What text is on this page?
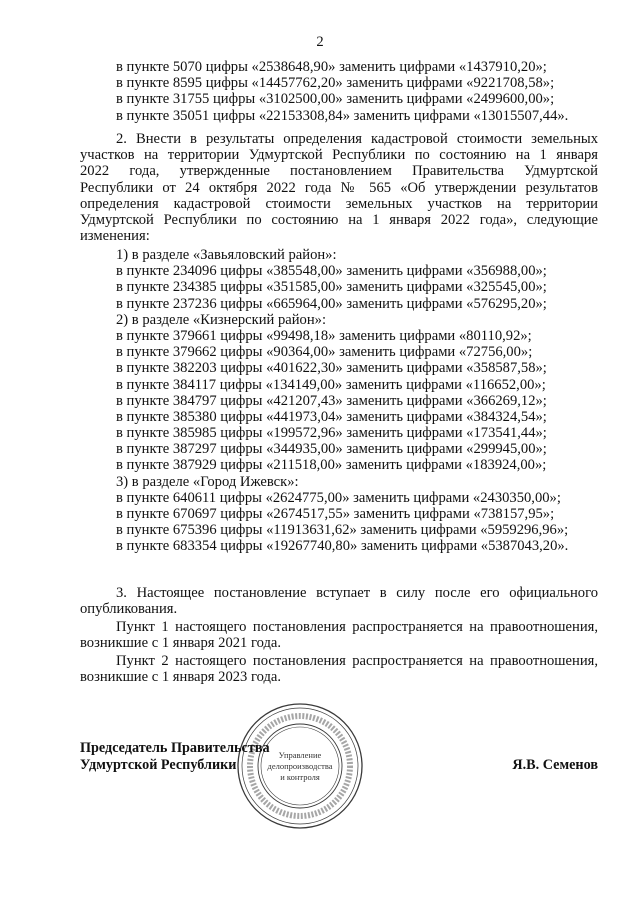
2
в пункте 5070 цифры «2538648,90» заменить цифрами «1437910,20»;
в пункте 8595 цифры «14457762,20» заменить цифрами «9221708,58»;
в пункте 31755 цифры «3102500,00» заменить цифрами «2499600,00»;
в пункте 35051 цифры «22153308,84» заменить цифрами «13015507,44».
2. Внести в результаты определения кадастровой стоимости земельных
участков на территории Удмуртской Республики по состоянию на 1 января
2022 года, утвержденные постановлением Правительства Удмуртской
Республики от 24 октября 2022 года № 565 «Об утверждении результатов
определения кадастровой стоимости земельных участков на территории
Удмуртской Республики по состоянию на 1 января 2022 года», следующие
изменения:
1) в разделе «Завьяловский район»:
в пункте 234096 цифры «385548,00» заменить цифрами «356988,00»;
в пункте 234385 цифры «351585,00» заменить цифрами «325545,00»;
в пункте 237236 цифры «665964,00» заменить цифрами «576295,20»;
2) в разделе «Кизнерский район»:
в пункте 379661 цифры «99498,18» заменить цифрами «80110,92»;
в пункте 379662 цифры «90364,00» заменить цифрами «72756,00»;
в пункте 382203 цифры «401622,30» заменить цифрами «358587,58»;
в пункте 384117 цифры «134149,00» заменить цифрами «116652,00»;
в пункте 384797 цифры «421207,43» заменить цифрами «366269,12»;
в пункте 385380 цифры «441973,04» заменить цифрами «384324,54»;
в пункте 385985 цифры «199572,96» заменить цифрами «173541,44»;
в пункте 387297 цифры «344935,00» заменить цифрами «299945,00»;
в пункте 387929 цифры «211518,00» заменить цифрами «183924,00»;
3) в разделе «Город Ижевск»:
в пункте 640611 цифры «2624775,00» заменить цифрами «2430350,00»;
в пункте 670697 цифры «2674517,55» заменить цифрами «738157,95»;
в пункте 675396 цифры «11913631,62» заменить цифрами «5959296,96»;
в пункте 683354 цифры «19267740,80» заменить цифрами «5387043,20».
3. Настоящее постановление вступает в силу после его официального
опубликования.
Пункт 1 настоящего постановления распространяется на правоотношения,
возникшие с 1 января 2021 года.
Пункт 2 настоящего постановления распространяется на правоотношения,
возникшие с 1 января 2023 года.
Управление
делопроизводства
и контроля
Председатель Правительства
Удмуртской Республики	Я.В. Семенов
